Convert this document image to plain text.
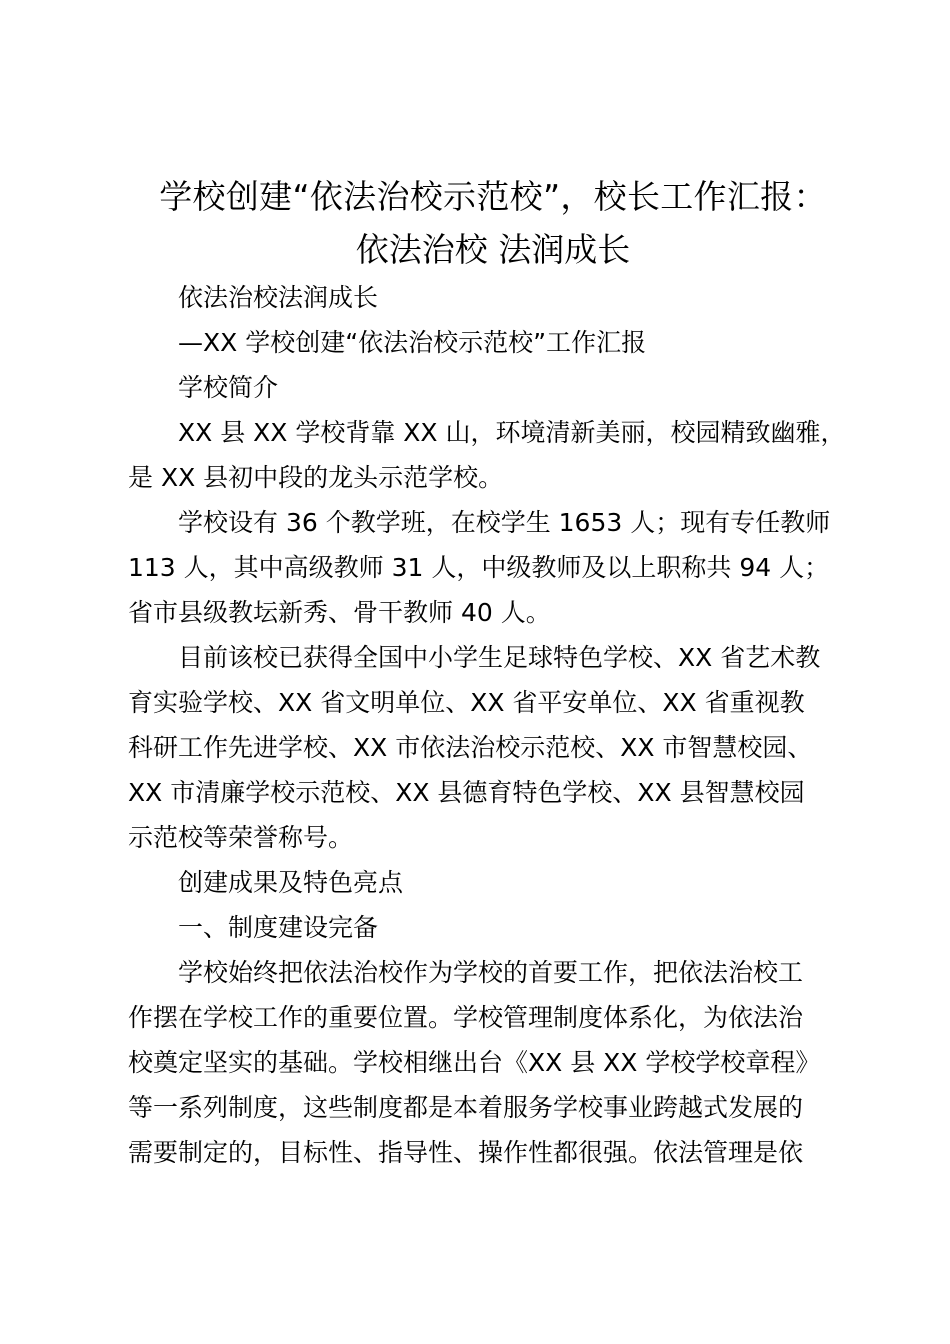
学校创建“依法治校示范校”，校长工作汇报：
依法治校 法润成长

依法治校法润成长

—XX 学校创建“依法治校示范校”工作汇报

学校简介

XX 县 XX 学校背靠 XX 山，环境清新美丽，校园精致幽雅，

是 XX 县初中段的龙头示范学校。

学校设有 36 个教学班，在校学生 1653 人；现有专任教师

113 人，其中高级教师 31 人，中级教师及以上职称共 94 人；

省市县级教坛新秀、骨干教师 40 人。

目前该校已获得全国中小学生足球特色学校、XX 省艺术教

育实验学校、XX 省文明单位、XX 省平安单位、XX 省重视教

科研工作先进学校、XX 市依法治校示范校、XX 市智慧校园、

XX 市清廉学校示范校、XX 县德育特色学校、XX 县智慧校园

示范校等荣誉称号。

创建成果及特色亮点

一、制度建设完备

学校始终把依法治校作为学校的首要工作，把依法治校工

作摆在学校工作的重要位置。学校管理制度体系化，为依法治

校奠定坚实的基础。学校相继出台《XX 县 XX 学校学校章程》

等一系列制度，这些制度都是本着服务学校事业跨越式发展的

需要制定的，目标性、指导性、操作性都很强。依法管理是依
